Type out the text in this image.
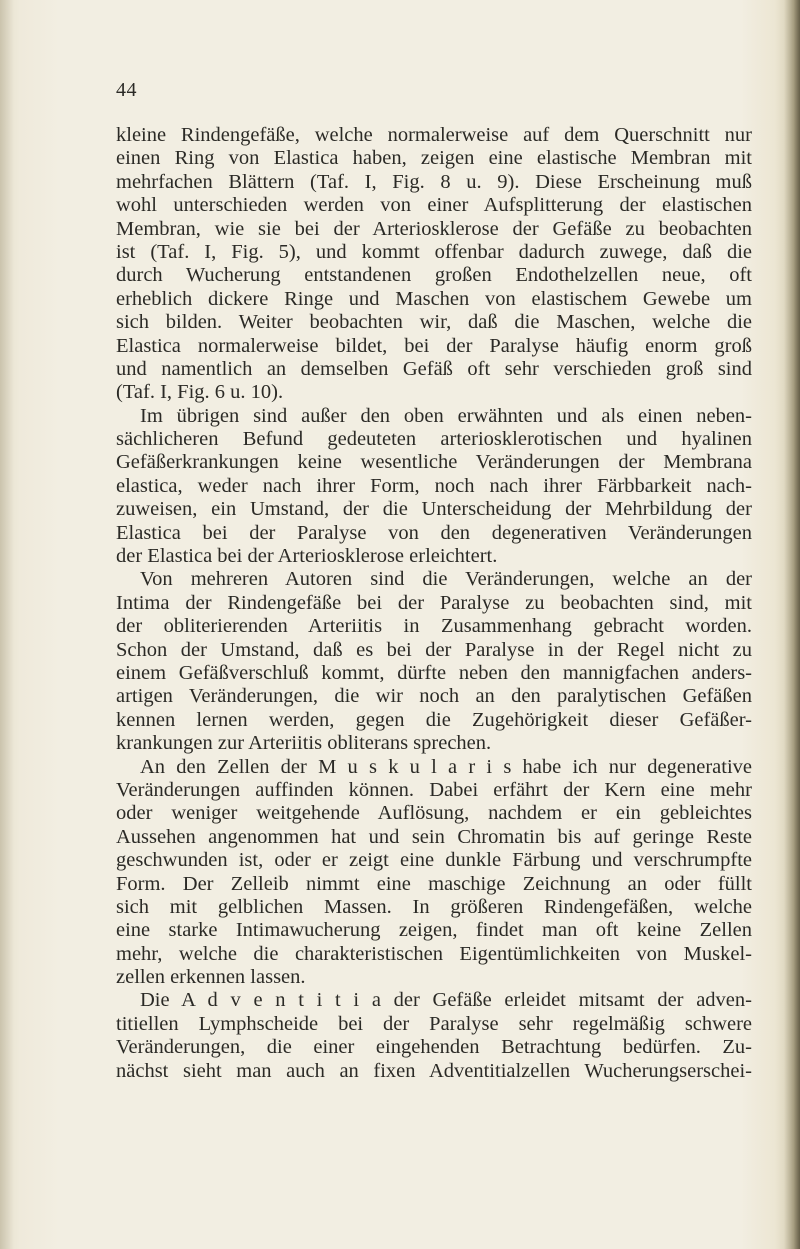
44
kleine Rindengefäße, welche normalerweise auf dem Querschnitt nur
einen Ring von Elastica haben, zeigen eine elastische Membran mit
mehrfachen Blättern (Taf. I, Fig. 8 u. 9). Diese Erscheinung muß
wohl unterschieden werden von einer Aufsplitterung der elastischen
Membran, wie sie bei der Arteriosklerose der Gefäße zu beobachten
ist (Taf. I, Fig. 5), und kommt offenbar dadurch zuwege, daß die
durch Wucherung entstandenen großen Endothelzellen neue, oft
erheblich dickere Ringe und Maschen von elastischem Gewebe um
sich bilden. Weiter beobachten wir, daß die Maschen, welche die
Elastica normalerweise bildet, bei der Paralyse häufig enorm groß
und namentlich an demselben Gefäß oft sehr verschieden groß sind
(Taf. I, Fig. 6 u. 10).
Im übrigen sind außer den oben erwähnten und als einen neben-
sächlicheren Befund gedeuteten arteriosklerotischen und hyalinen
Gefäßerkrankungen keine wesentliche Veränderungen der Membrana
elastica, weder nach ihrer Form, noch nach ihrer Färbbarkeit nach-
zuweisen, ein Umstand, der die Unterscheidung der Mehrbildung der
Elastica bei der Paralyse von den degenerativen Veränderungen
der Elastica bei der Arteriosklerose erleichtert.
Von mehreren Autoren sind die Veränderungen, welche an der
Intima der Rindengefäße bei der Paralyse zu beobachten sind, mit
der obliterierenden Arteriitis in Zusammenhang gebracht worden.
Schon der Umstand, daß es bei der Paralyse in der Regel nicht zu
einem Gefäßverschluß kommt, dürfte neben den mannigfachen anders-
artigen Veränderungen, die wir noch an den paralytischen Gefäßen
kennen lernen werden, gegen die Zugehörigkeit dieser Gefäßer-
krankungen zur Arteriitis obliterans sprechen.
An den Zellen der M u s k u l a r i s habe ich nur degenerative
Veränderungen auffinden können. Dabei erfährt der Kern eine mehr
oder weniger weitgehende Auflösung, nachdem er ein gebleichtes
Aussehen angenommen hat und sein Chromatin bis auf geringe Reste
geschwunden ist, oder er zeigt eine dunkle Färbung und verschrumpfte
Form. Der Zelleib nimmt eine maschige Zeichnung an oder füllt
sich mit gelblichen Massen. In größeren Rindengefäßen, welche
eine starke Intimawucherung zeigen, findet man oft keine Zellen
mehr, welche die charakteristischen Eigentümlichkeiten von Muskel-
zellen erkennen lassen.
Die A d v e n t i t i a der Gefäße erleidet mitsamt der adven-
titiellen Lymphscheide bei der Paralyse sehr regelmäßig schwere
Veränderungen, die einer eingehenden Betrachtung bedürfen. Zu-
nächst sieht man auch an fixen Adventitialzellen Wucherungserschei-
